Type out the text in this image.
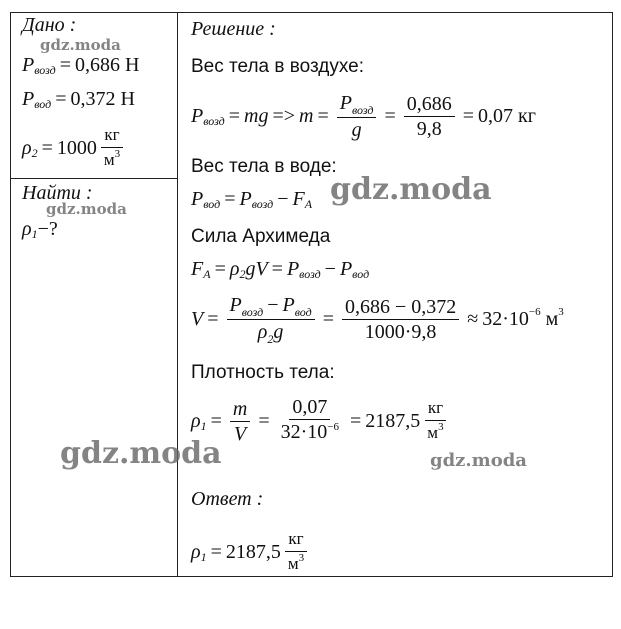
Дано :
P возд = 0,686
Н
P вод = 0,372
Н
ρ $2 = 1000 \frac{кг}{м^3}$
Найти :
ρ 1 −?
Решение :
Вес тела в воздухе:
P возд = mg => $m = \frac{P_{возд}}{g} = \frac{0,686}{9,8} = 0,07$
кг
Вес тела в воде:
P вод = P возд − F A
Сила Архимеда
F A = ρ 2 gV = P возд − P вод
$V = \frac{P_{возд} - P_{вод}}{\rho_2g} = \frac{0,686 - 0,372}{1000\cdot 9,8} \approx 32\cdot 10 -6$
м 3
Плотность тела:
ρ $1 = \frac{m}{V} = \frac{0,07}{32\cdot 10^{-6}} = 2187,5 \frac{кг}{м^3}$
Ответ :
ρ $1 = 2187,5 \frac{кг}{м^3}$
gdz.moda
gdz.moda
gdz.moda
gdz.moda	gdz.moda
